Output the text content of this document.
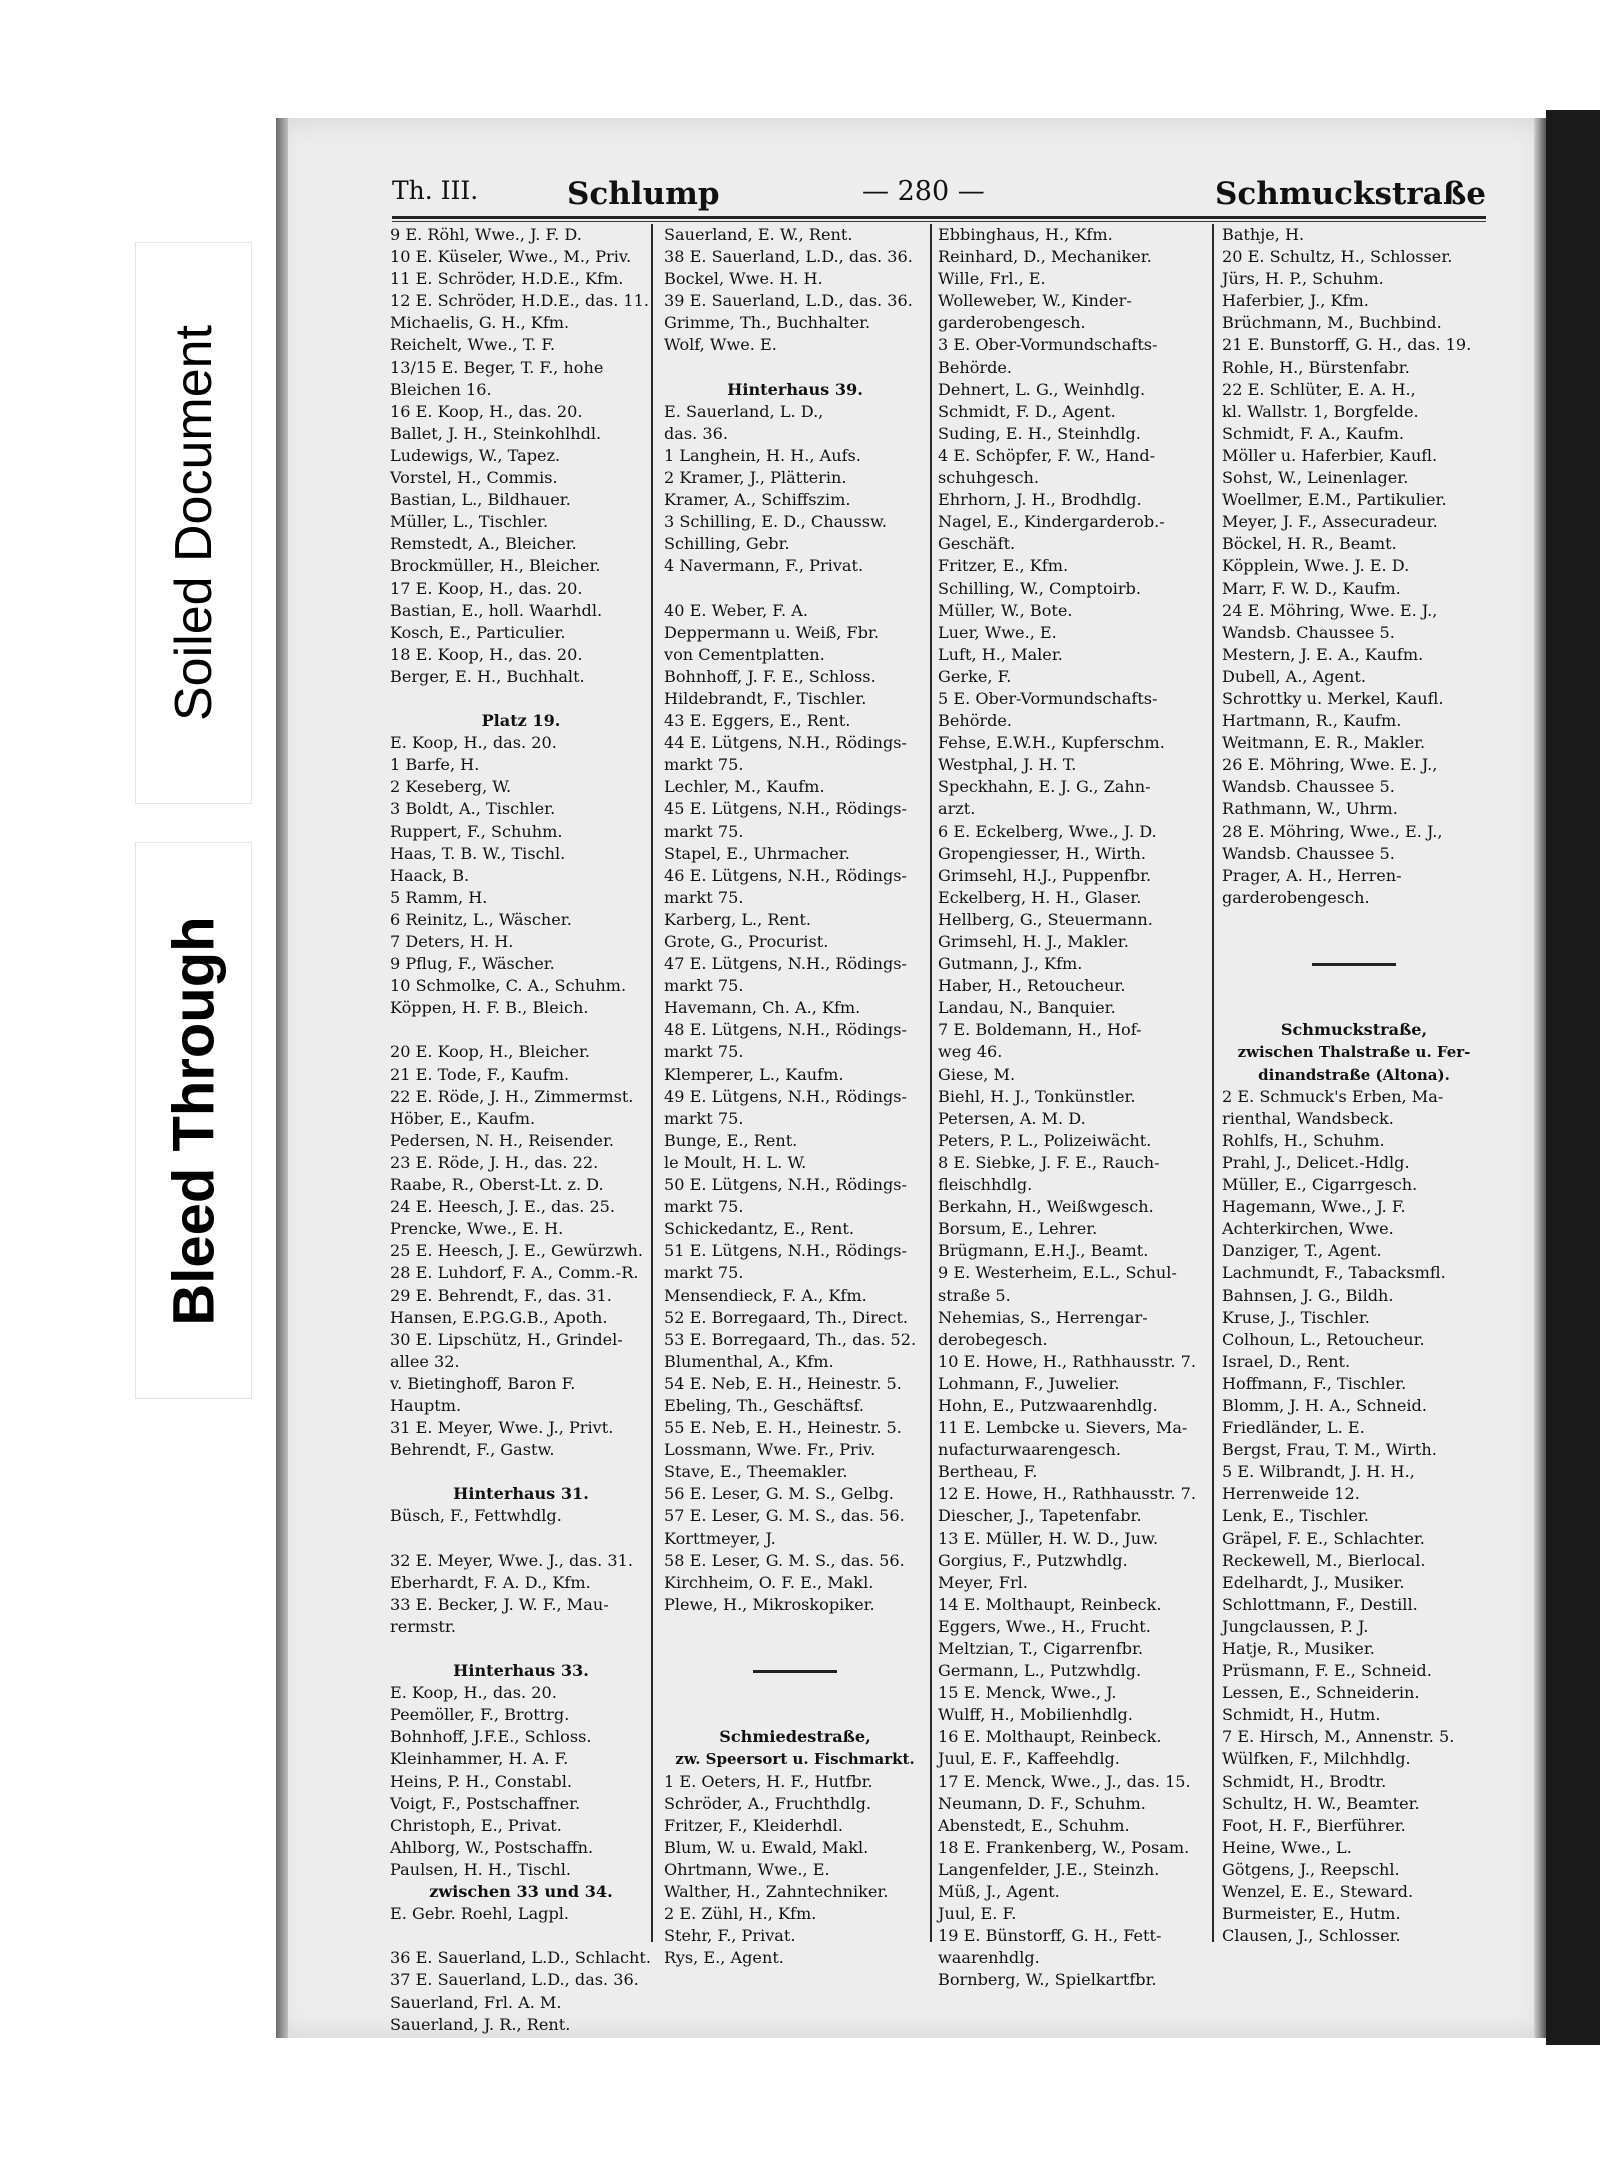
Bleed Through
Soiled Document
Th. III.	Schlump	— 280 —	Schmuckstraße
9 E. Röhl, Wwe., J. F. D.
10 E. Küseler, Wwe., M., Priv.
11 E. Schröder, H.D.E., Kfm.
12 E. Schröder, H.D.E., das. 11.
Michaelis, G. H., Kfm.
Reichelt, Wwe., T. F.
13/15 E. Beger, T. F., hohe
Bleichen 16.
16 E. Koop, H., das. 20.
Ballet, J. H., Steinkohlhdl.
Ludewigs, W., Tapez.
Vorstel, H., Commis.
Bastian, L., Bildhauer.
Müller, L., Tischler.
Remstedt, A., Bleicher.
Brockmüller, H., Bleicher.
17 E. Koop, H., das. 20.
Bastian, E., holl. Waarhdl.
Kosch, E., Particulier.
18 E. Koop, H., das. 20.
Berger, E. H., Buchhalt.

Platz 19.
E. Koop, H., das. 20.
1 Barfe, H.
2 Keseberg, W.
3 Boldt, A., Tischler.
Ruppert, F., Schuhm.
Haas, T. B. W., Tischl.
Haack, B.
5 Ramm, H.
6 Reinitz, L., Wäscher.
7 Deters, H. H.
9 Pflug, F., Wäscher.
10 Schmolke, C. A., Schuhm.
Köppen, H. F. B., Bleich.

20 E. Koop, H., Bleicher.
21 E. Tode, F., Kaufm.
22 E. Röde, J. H., Zimmermst.
Höber, E., Kaufm.
Pedersen, N. H., Reisender.
23 E. Röde, J. H., das. 22.
Raabe, R., Oberst-Lt. z. D.
24 E. Heesch, J. E., das. 25.
Prencke, Wwe., E. H.
25 E. Heesch, J. E., Gewürzwh.
28 E. Luhdorf, F. A., Comm.-R.
29 E. Behrendt, F., das. 31.
Hansen, E.P.G.G.B., Apoth.
30 E. Lipschütz, H., Grindel-
allee 32.
v. Bietinghoff, Baron F.
Hauptm.
31 E. Meyer, Wwe. J., Privt.
Behrendt, F., Gastw.

Hinterhaus 31.
Büsch, F., Fettwhdlg.

32 E. Meyer, Wwe. J., das. 31.
Eberhardt, F. A. D., Kfm.
33 E. Becker, J. W. F., Mau-
rermstr.

Hinterhaus 33.
E. Koop, H., das. 20.
Peemöller, F., Brottrg.
Bohnhoff, J.F.E., Schloss.
Kleinhammer, H. A. F.
Heins, P. H., Constabl.
Voigt, F., Postschaffner.
Christoph, E., Privat.
Ahlborg, W., Postschaffn.
Paulsen, H. H., Tischl.
zwischen 33 und 34.
E. Gebr. Roehl, Lagpl.

36 E. Sauerland, L.D., Schlacht.
37 E. Sauerland, L.D., das. 36.
Sauerland, Frl. A. M.
Sauerland, J. R., Rent.
Sauerland, E. W., Rent.
38 E. Sauerland, L.D., das. 36.
Bockel, Wwe. H. H.
39 E. Sauerland, L.D., das. 36.
Grimme, Th., Buchhalter.
Wolf, Wwe. E.

Hinterhaus 39.
E. Sauerland, L. D.,
das. 36.
1 Langhein, H. H., Aufs.
2 Kramer, J., Plätterin.
Kramer, A., Schiffszim.
3 Schilling, E. D., Chaussw.
Schilling, Gebr.
4 Navermann, F., Privat.

40 E. Weber, F. A.
Deppermann u. Weiß, Fbr.
von Cementplatten.
Bohnhoff, J. F. E., Schloss.
Hildebrandt, F., Tischler.
43 E. Eggers, E., Rent.
44 E. Lütgens, N.H., Rödings-
markt 75.
Lechler, M., Kaufm.
45 E. Lütgens, N.H., Rödings-
markt 75.
Stapel, E., Uhrmacher.
46 E. Lütgens, N.H., Rödings-
markt 75.
Karberg, L., Rent.
Grote, G., Procurist.
47 E. Lütgens, N.H., Rödings-
markt 75.
Havemann, Ch. A., Kfm.
48 E. Lütgens, N.H., Rödings-
markt 75.
Klemperer, L., Kaufm.
49 E. Lütgens, N.H., Rödings-
markt 75.
Bunge, E., Rent.
le Moult, H. L. W.
50 E. Lütgens, N.H., Rödings-
markt 75.
Schickedantz, E., Rent.
51 E. Lütgens, N.H., Rödings-
markt 75.
Mensendieck, F. A., Kfm.
52 E. Borregaard, Th., Direct.
53 E. Borregaard, Th., das. 52.
Blumenthal, A., Kfm.
54 E. Neb, E. H., Heinestr. 5.
Ebeling, Th., Geschäftsf.
55 E. Neb, E. H., Heinestr. 5.
Lossmann, Wwe. Fr., Priv.
Stave, E., Theemakler.
56 E. Leser, G. M. S., Gelbg.
57 E. Leser, G. M. S., das. 56.
Korttmeyer, J.
58 E. Leser, G. M. S., das. 56.
Kirchheim, O. F. E., Makl.
Plewe, H., Mikroskopiker.

Schmiedestraße,
zw. Speersort u. Fischmarkt.
1 E. Oeters, H. F., Hutfbr.
Schröder, A., Fruchthdlg.
Fritzer, F., Kleiderhdl.
Blum, W. u. Ewald, Makl.
Ohrtmann, Wwe., E.
Walther, H., Zahntechniker.
2 E. Zühl, H., Kfm.
Stehr, F., Privat.
Rys, E., Agent.
Ebbinghaus, H., Kfm.
Reinhard, D., Mechaniker.
Wille, Frl., E.
Wolleweber, W., Kinder-
garderobengesch.
3 E. Ober-Vormundschafts-
Behörde.
Dehnert, L. G., Weinhdlg.
Schmidt, F. D., Agent.
Suding, E. H., Steinhdlg.
4 E. Schöpfer, F. W., Hand-
schuhgesch.
Ehrhorn, J. H., Brodhdlg.
Nagel, E., Kindergarderob.-
Geschäft.
Fritzer, E., Kfm.
Schilling, W., Comptoirb.
Müller, W., Bote.
Luer, Wwe., E.
Luft, H., Maler.
Gerke, F.
5 E. Ober-Vormundschafts-
Behörde.
Fehse, E.W.H., Kupferschm.
Westphal, J. H. T.
Speckhahn, E. J. G., Zahn-
arzt.
6 E. Eckelberg, Wwe., J. D.
Gropengiesser, H., Wirth.
Grimsehl, H.J., Puppenfbr.
Eckelberg, H. H., Glaser.
Hellberg, G., Steuermann.
Grimsehl, H. J., Makler.
Gutmann, J., Kfm.
Haber, H., Retoucheur.
Landau, N., Banquier.
7 E. Boldemann, H., Hof-
weg 46.
Giese, M.
Biehl, H. J., Tonkünstler.
Petersen, A. M. D.
Peters, P. L., Polizeiwächt.
8 E. Siebke, J. F. E., Rauch-
fleischhdlg.
Berkahn, H., Weißwgesch.
Borsum, E., Lehrer.
Brügmann, E.H.J., Beamt.
9 E. Westerheim, E.L., Schul-
straße 5.
Nehemias, S., Herrengar-
derobegesch.
10 E. Howe, H., Rathhausstr. 7.
Lohmann, F., Juwelier.
Hohn, E., Putzwaarenhdlg.
11 E. Lembcke u. Sievers, Ma-
nufacturwaarengesch.
Bertheau, F.
12 E. Howe, H., Rathhausstr. 7.
Diescher, J., Tapetenfabr.
13 E. Müller, H. W. D., Juw.
Gorgius, F., Putzwhdlg.
Meyer, Frl.
14 E. Molthaupt, Reinbeck.
Eggers, Wwe., H., Frucht.
Meltzian, T., Cigarrenfbr.
Germann, L., Putzwhdlg.
15 E. Menck, Wwe., J.
Wulff, H., Mobilienhdlg.
16 E. Molthaupt, Reinbeck.
Juul, E. F., Kaffeehdlg.
17 E. Menck, Wwe., J., das. 15.
Neumann, D. F., Schuhm.
Abenstedt, E., Schuhm.
18 E. Frankenberg, W., Posam.
Langenfelder, J.E., Steinzh.
Müß, J., Agent.
Juul, E. F.
19 E. Bünstorff, G. H., Fett-
waarenhdlg.
Bornberg, W., Spielkartfbr.
Bathje, H.
20 E. Schultz, H., Schlosser.
Jürs, H. P., Schuhm.
Haferbier, J., Kfm.
Brüchmann, M., Buchbind.
21 E. Bunstorff, G. H., das. 19.
Rohle, H., Bürstenfabr.
22 E. Schlüter, E. A. H.,
kl. Wallstr. 1, Borgfelde.
Schmidt, F. A., Kaufm.
Möller u. Haferbier, Kaufl.
Sohst, W., Leinenlager.
Woellmer, E.M., Partikulier.
Meyer, J. F., Assecuradeur.
Böckel, H. R., Beamt.
Köpplein, Wwe. J. E. D.
Marr, F. W. D., Kaufm.
24 E. Möhring, Wwe. E. J.,
Wandsb. Chaussee 5.
Mestern, J. E. A., Kaufm.
Dubell, A., Agent.
Schrottky u. Merkel, Kaufl.
Hartmann, R., Kaufm.
Weitmann, E. R., Makler.
26 E. Möhring, Wwe. E. J.,
Wandsb. Chaussee 5.
Rathmann, W., Uhrm.
28 E. Möhring, Wwe., E. J.,
Wandsb. Chaussee 5.
Prager, A. H., Herren-
garderobengesch.

Schmuckstraße,
zwischen Thalstraße u. Fer-
dinandstraße (Altona).
2 E. Schmuck's Erben, Ma-
rienthal, Wandsbeck.
Rohlfs, H., Schuhm.
Prahl, J., Delicet.-Hdlg.
Müller, E., Cigarrgesch.
Hagemann, Wwe., J. F.
Achterkirchen, Wwe.
Danziger, T., Agent.
Lachmundt, F., Tabacksmfl.
Bahnsen, J. G., Bildh.
Kruse, J., Tischler.
Colhoun, L., Retoucheur.
Israel, D., Rent.
Hoffmann, F., Tischler.
Blomm, J. H. A., Schneid.
Friedländer, L. E.
Bergst, Frau, T. M., Wirth.
5 E. Wilbrandt, J. H. H.,
Herrenweide 12.
Lenk, E., Tischler.
Gräpel, F. E., Schlachter.
Reckewell, M., Bierlocal.
Edelhardt, J., Musiker.
Schlottmann, F., Destill.
Jungclaussen, P. J.
Hatje, R., Musiker.
Prüsmann, F. E., Schneid.
Lessen, E., Schneiderin.
Schmidt, H., Hutm.
7 E. Hirsch, M., Annenstr. 5.
Wülfken, F., Milchhdlg.
Schmidt, H., Brodtr.
Schultz, H. W., Beamter.
Foot, H. F., Bierführer.
Heine, Wwe., L.
Götgens, J., Reepschl.
Wenzel, E. E., Steward.
Burmeister, E., Hutm.
Clausen, J., Schlosser.
